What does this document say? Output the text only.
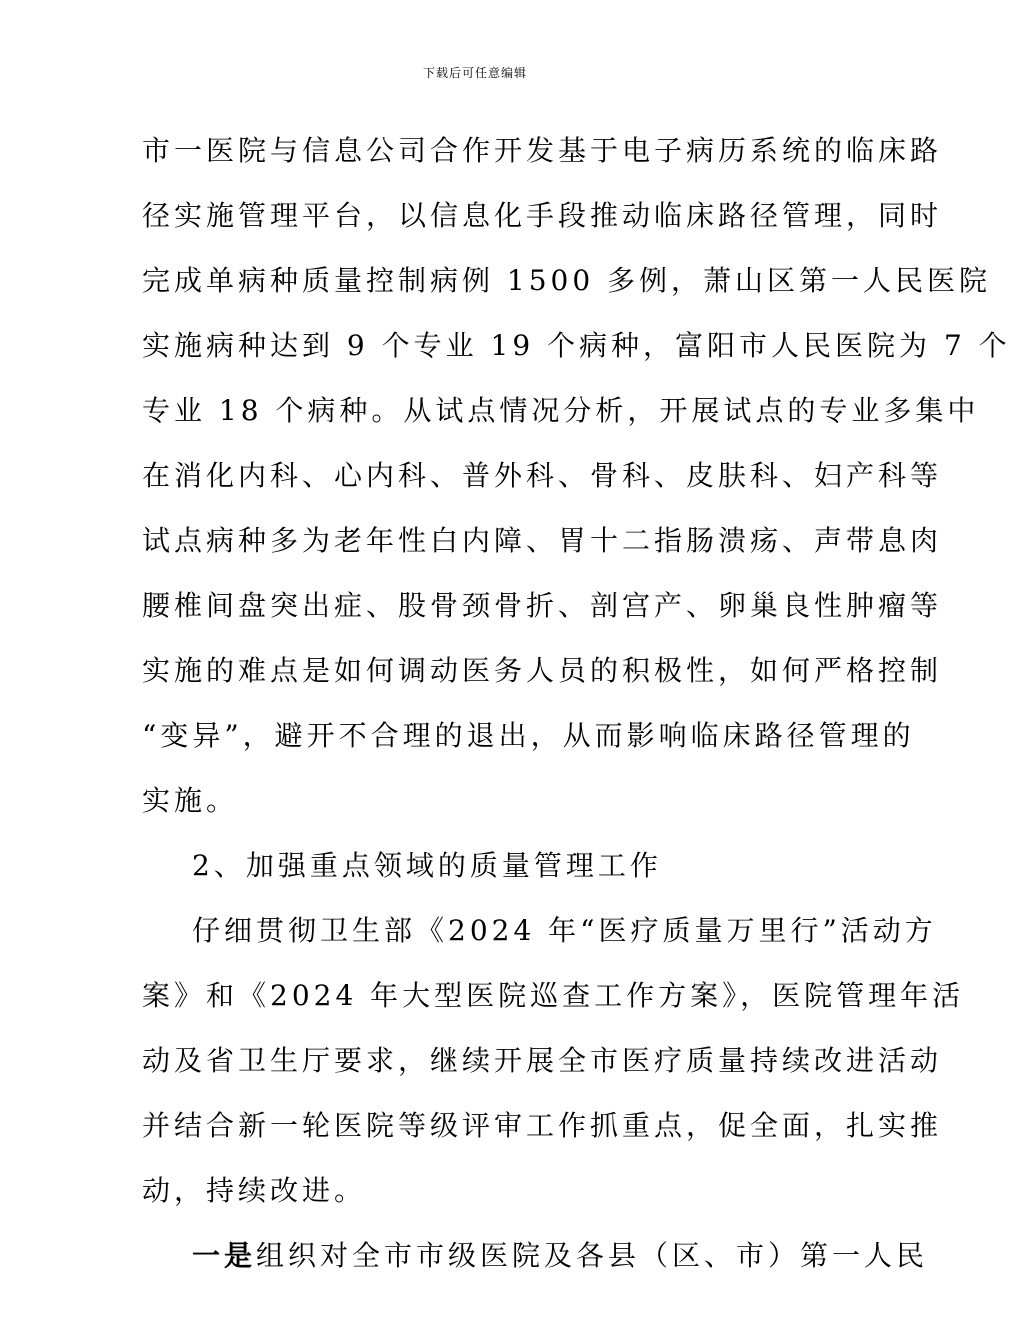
下载后可任意编辑
市一医院与信息公司合作开发基于电子病历系统的临床路
径实施管理平台，以信息化手段推动临床路径管理，同时
完成单病种质量控制病例 1500 多例，萧山区第一人民医院
实施病种达到 9 个专业 19 个病种，富阳市人民医院为 7 个
专业 18 个病种。从试点情况分析，开展试点的专业多集中
在消化内科、心内科、普外科、骨科、皮肤科、妇产科等
试点病种多为老年性白内障、胃十二指肠溃疡、声带息肉
腰椎间盘突出症、股骨颈骨折、剖宫产、卵巢良性肿瘤等
实施的难点是如何调动医务人员的积极性，如何严格控制
“变异”，避开不合理的退出，从而影响临床路径管理的
实施。
2、加强重点领域的质量管理工作
仔细贯彻卫生部《2024 年“医疗质量万里行”活动方
案》和《2024 年大型医院巡查工作方案》，医院管理年活
动及省卫生厅要求，继续开展全市医疗质量持续改进活动
并结合新一轮医院等级评审工作抓重点，促全面，扎实推
动，持续改进。
一是组织对全市市级医院及各县（区、市）第一人民
